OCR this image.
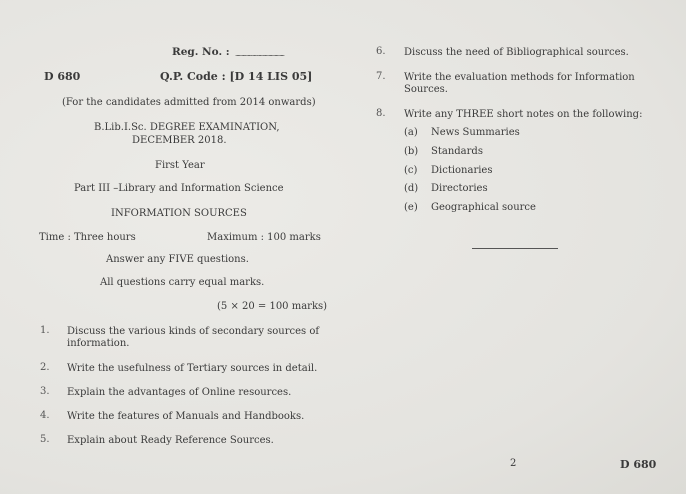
Reg. No. : ........................................
D 680	Q.P. Code : [D 14 LIS 05]
(For the candidates admitted from 2014 onwards)
B.Lib.I.Sc. DEGREE EXAMINATION,
DECEMBER 2018.
First Year
Part III –Library and Information Science
INFORMATION SOURCES
Time : Three hours	Maximum : 100 marks
Answer any FIVE questions.
All questions carry equal marks.
(5 × 20 = 100 marks)
1. Discuss the various kinds of secondary sources of
information.
2. Write the usefulness of Tertiary sources in detail.
3. Explain the advantages of Online resources.
4. Write the features of Manuals and Handbooks.
5. Explain about Ready Reference Sources.
6. Discuss the need of Bibliographical sources.
7. Write the evaluation methods for Information
Sources.
8. Write any THREE short notes on the following:
(a) News Summaries
(b) Standards
(c) Dictionaries
(d) Directories
(e) Geographical source
2	D 680
